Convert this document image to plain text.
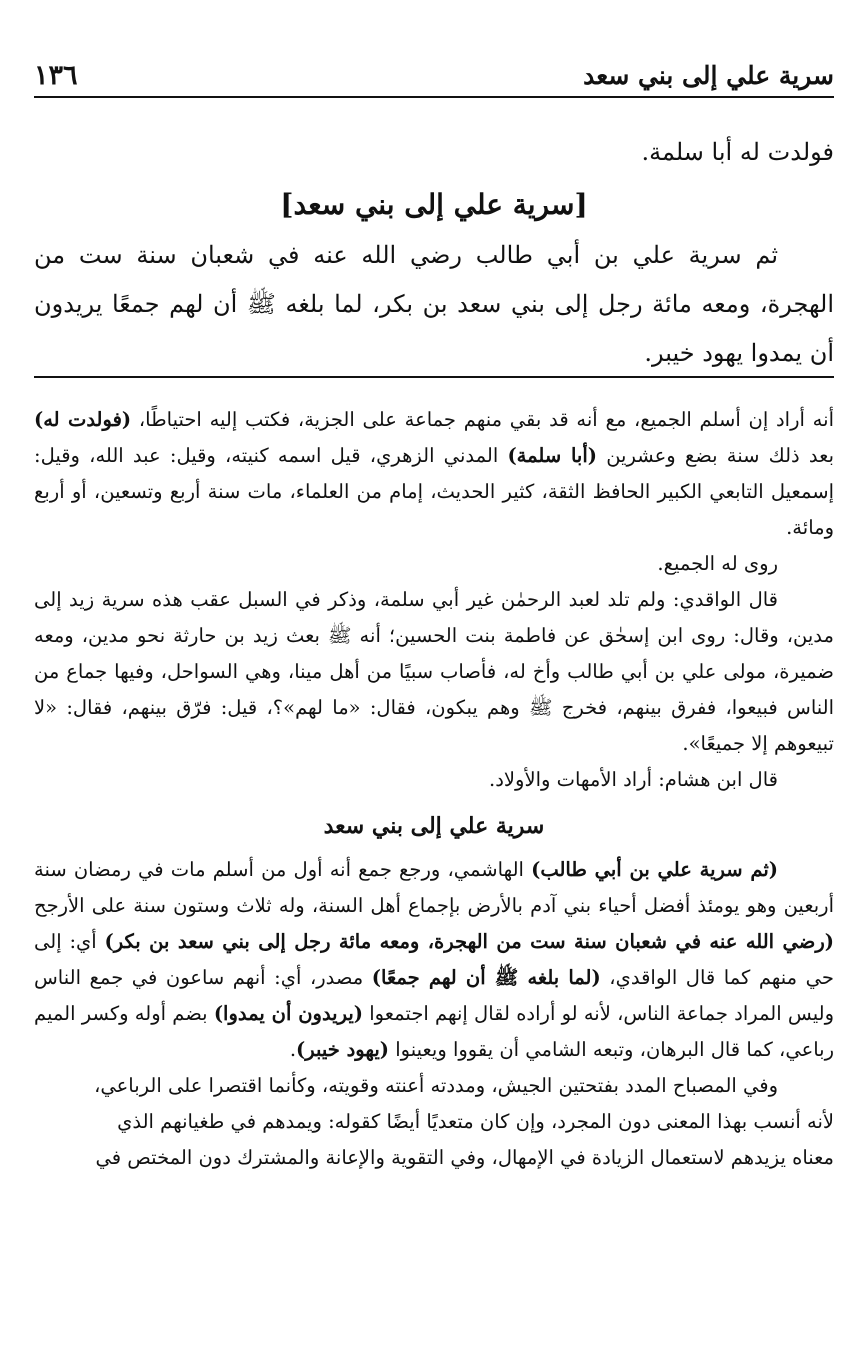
سرية علي إلى بني سعد
١٣٦

فولدت له أبا سلمة.

[سرية علي إلى بني سعد]

ثم سرية علي بن أبي طالب رضي الله عنه في شعبان سنة ست من الهجرة، ومعه مائة رجل إلى بني سعد بن بكر، لما بلغه ﷺ أن لهم جمعًا يريدون أن يمدوا يهود خيبر.

أنه أراد إن أسلم الجميع، مع أنه قد بقي منهم جماعة على الجزية، فكتب إليه احتياطًا، (فولدت له) بعد ذلك سنة بضع وعشرين (أبا سلمة) المدني الزهري، قيل اسمه كنيته، وقيل: عبد الله، وقيل: إسمعيل التابعي الكبير الحافظ الثقة، كثير الحديث، إمام من العلماء، مات سنة أربع وتسعين، أو أربع ومائة.

روى له الجميع.

قال الواقدي: ولم تلد لعبد الرحمٰن غير أبي سلمة، وذكر في السبل عقب هذه سرية زيد إلى مدين، وقال: روى ابن إسحٰق عن فاطمة بنت الحسين؛ أنه ﷺ بعث زيد بن حارثة نحو مدين، ومعه ضميرة، مولى علي بن أبي طالب وأخ له، فأصاب سبيًا من أهل مينا، وهي السواحل، وفيها جماع من الناس فبيعوا، ففرق بينهم، فخرج ﷺ وهم يبكون، فقال: «ما لهم»؟، قيل: فرّق بينهم، فقال: «لا تبيعوهم إلا جميعًا».

قال ابن هشام: أراد الأمهات والأولاد.

سرية علي إلى بني سعد

(ثم سرية علي بن أبي طالب) الهاشمي، ورجع جمع أنه أول من أسلم مات في رمضان سنة أربعين وهو يومئذ أفضل أحياء بني آدم بالأرض بإجماع أهل السنة، وله ثلاث وستون سنة على الأرجح (رضي الله عنه في شعبان سنة ست من الهجرة، ومعه مائة رجل إلى بني سعد بن بكر) أي: إلى حي منهم كما قال الواقدي، (لما بلغه ﷺ أن لهم جمعًا) مصدر، أي: أنهم ساعون في جمع الناس وليس المراد جماعة الناس، لأنه لو أراده لقال إنهم اجتمعوا (يريدون أن يمدوا) بضم أوله وكسر الميم رباعي، كما قال البرهان، وتبعه الشامي أن يقووا ويعينوا (يهود خيبر).

وفي المصباح المدد بفتحتين الجيش، ومددته أعنته وقويته، وكأنما اقتصرا على الرباعي،

لأنه أنسب بهذا المعنى دون المجرد، وإن كان متعديًا أيضًا كقوله: ويمدهم في طغيانهم الذي

معناه يزيدهم لاستعمال الزيادة في الإمهال، وفي التقوية والإعانة والمشترك دون المختص في
